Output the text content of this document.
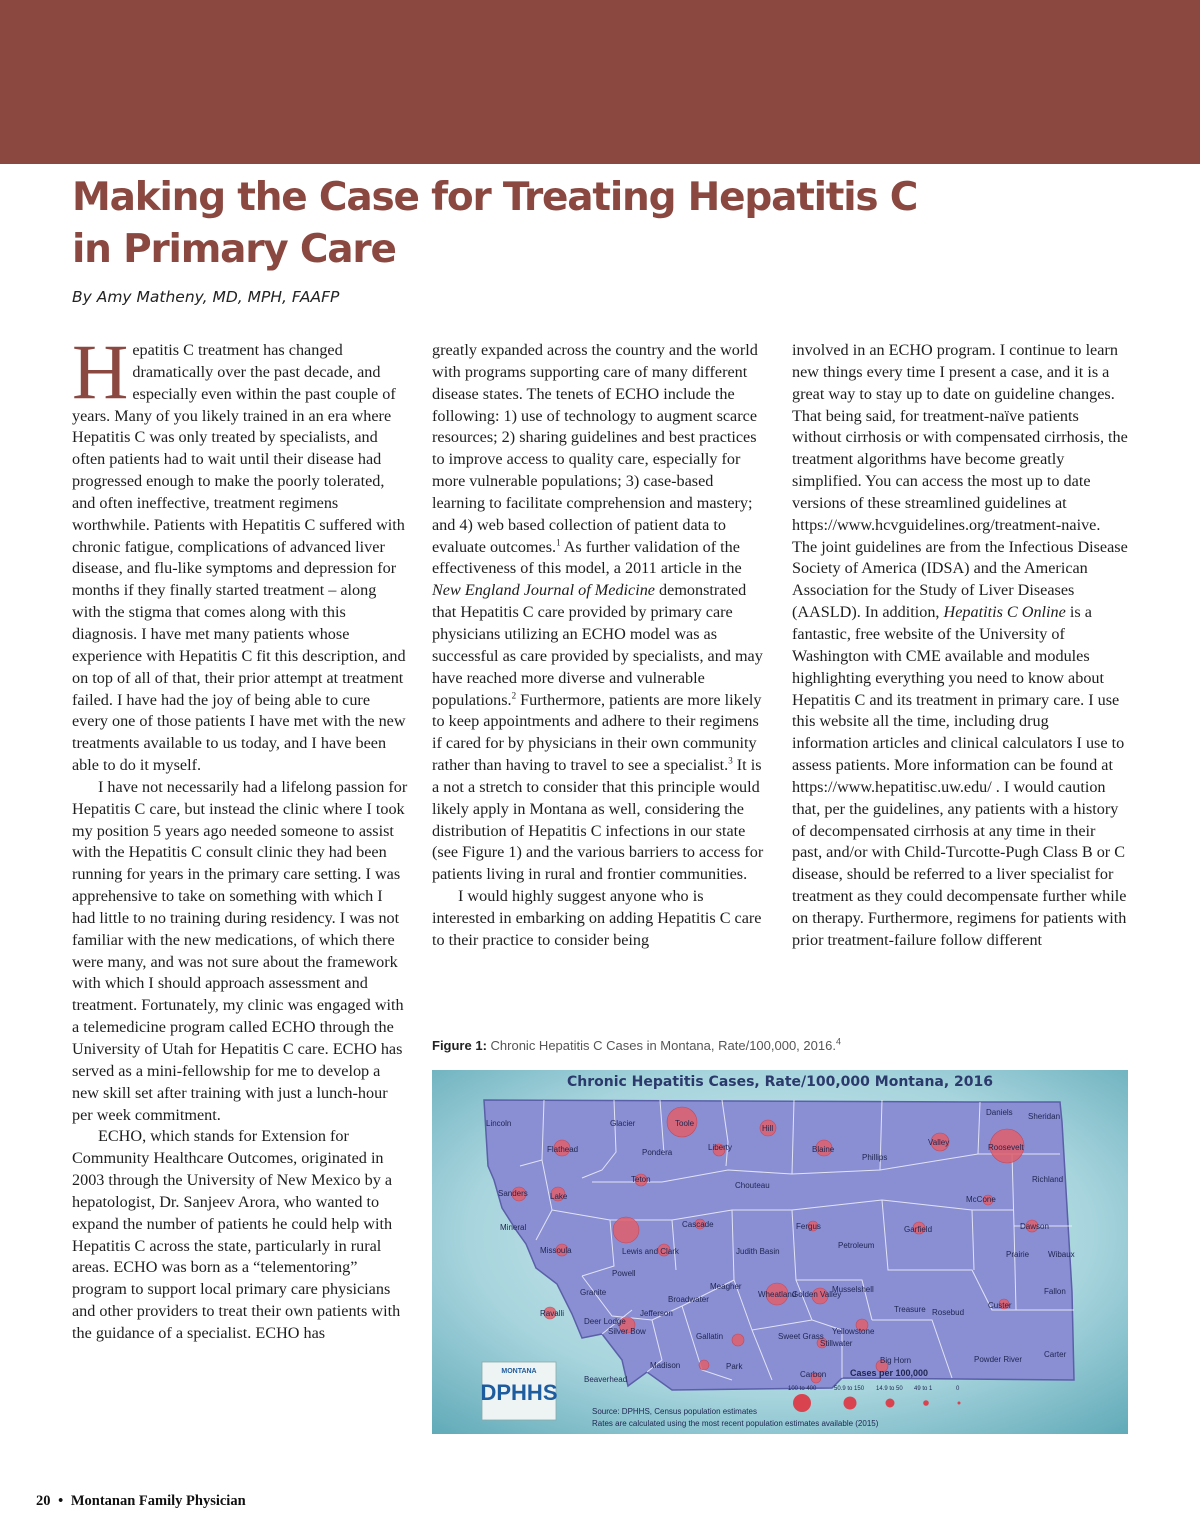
Making the Case for Treating Hepatitis C
in Primary Care
By Amy Matheny, MD, MPH, FAAFP

Hepatitis C treatment has changed dramatically over the past decade, and especially even within the past couple of years. Many of you likely trained in an era where Hepatitis C was only treated by specialists, and often patients had to wait until their disease had progressed enough to make the poorly tolerated, and often ineffective, treatment regimens worthwhile. Patients with Hepatitis C suffered with chronic fatigue, complications of advanced liver disease, and flu-like symptoms and depression for months if they finally started treatment – along with the stigma that comes along with this diagnosis. I have met many patients whose experience with Hepatitis C fit this description, and on top of all of that, their prior attempt at treatment failed. I have had the joy of being able to cure every one of those patients I have met with the new treatments available to us today, and I have been able to do it myself.

I have not necessarily had a lifelong passion for Hepatitis C care, but instead the clinic where I took my position 5 years ago needed someone to assist with the Hepatitis C consult clinic they had been running for years in the primary care setting. I was apprehensive to take on something with which I had little to no training during residency. I was not familiar with the new medications, of which there were many, and was not sure about the framework with which I should approach assessment and treatment. Fortunately, my clinic was engaged with a telemedicine program called ECHO through the University of Utah for Hepatitis C care. ECHO has served as a mini-fellowship for me to develop a new skill set after training with just a lunch-hour per week commitment.

ECHO, which stands for Extension for Community Healthcare Outcomes, originated in 2003 through the University of New Mexico by a hepatologist, Dr. Sanjeev Arora, who wanted to expand the number of patients he could help with Hepatitis C across the state, particularly in rural areas. ECHO was born as a “telementoring” program to support local primary care physicians and other providers to treat their own patients with the guidance of a specialist. ECHO has

greatly expanded across the country and the world with programs supporting care of many different disease states. The tenets of ECHO include the following: 1) use of technology to augment scarce resources; 2) sharing guidelines and best practices to improve access to quality care, especially for more vulnerable populations; 3) case-based learning to facilitate comprehension and mastery; and 4) web based collection of patient data to evaluate outcomes.$^1$ As further validation of the effectiveness of this model, a 2011 article in the New England Journal of Medicine demonstrated that Hepatitis C care provided by primary care physicians utilizing an ECHO model was as successful as care provided by specialists, and may have reached more diverse and vulnerable populations.$^2$ Furthermore, patients are more likely to keep appointments and adhere to their regimens if cared for by physicians in their own community rather than having to travel to see a specialist.$^3$ It is a not a stretch to consider that this principle would likely apply in Montana as well, considering the distribution of Hepatitis C infections in our state (see Figure 1) and the various barriers to access for patients living in rural and frontier communities.

I would highly suggest anyone who is interested in embarking on adding Hepatitis C care to their practice to consider being

involved in an ECHO program. I continue to learn new things every time I present a case, and it is a great way to stay up to date on guideline changes. That being said, for treatment-naïve patients without cirrhosis or with compensated cirrhosis, the treatment algorithms have become greatly simplified. You can access the most up to date versions of these streamlined guidelines at https://www.hcvguidelines.org/treatment-naive. The joint guidelines are from the Infectious Disease Society of America (IDSA) and the American Association for the Study of Liver Diseases (AASLD). In addition, Hepatitis C Online is a fantastic, free website of the University of Washington with CME available and modules highlighting everything you need to know about Hepatitis C and its treatment in primary care. I use this website all the time, including drug information articles and clinical calculators I use to assess patients. More information can be found at https://www.hepatitisc.uw.edu/ . I would caution that, per the guidelines, any patients with a history of decompensated cirrhosis at any time in their past, and/or with Child-Turcotte-Pugh Class B or C disease, should be referred to a liver specialist for treatment as they could decompensate further while on therapy. Furthermore, regimens for patients with prior treatment-failure follow different

Figure 1: Chronic Hepatitis C Cases in Montana, Rate/100,000, 2016.$^4$
Chronic Hepatitis Cases, Rate/100,000 Montana, 2016
Lincoln	Glacier	Toole
Hill
Daniels Sheridan
Flathead	Pondera
Liberty	Blaine
Valley
Roosevelt
Phillips
Teton
Chouteau
Richland
Sanders	Lake	McCone
Mineral	Cascade	Fergus	Garfield	Dawson
Missoula	Lewis and Clark	Judith Basin
Petroleum
Prairie Wibaux
Powell
Meagher
Fallon
Granite
Broadwater
Wheatland
Golden Valley
Musselshell
Ravalli	Jefferson	Treasure Rosebud
Custer
Deer Lodge
Silver Bow
Gallatin	Sweet Grass
Stillwater
Yellowstone
Carter
Madison	Park
Big Horn	Powder River
Beaverhead
Carbon	Cases per 100,000
100 to 400	50.9 to 150 14.9 to 50 49 to 1	0
MONTANA
DPHHS
Source: DPHHS, Census population estimates
Rates are calculated using the most recent population estimates available (2015)
20 • Montanan Family Physician
